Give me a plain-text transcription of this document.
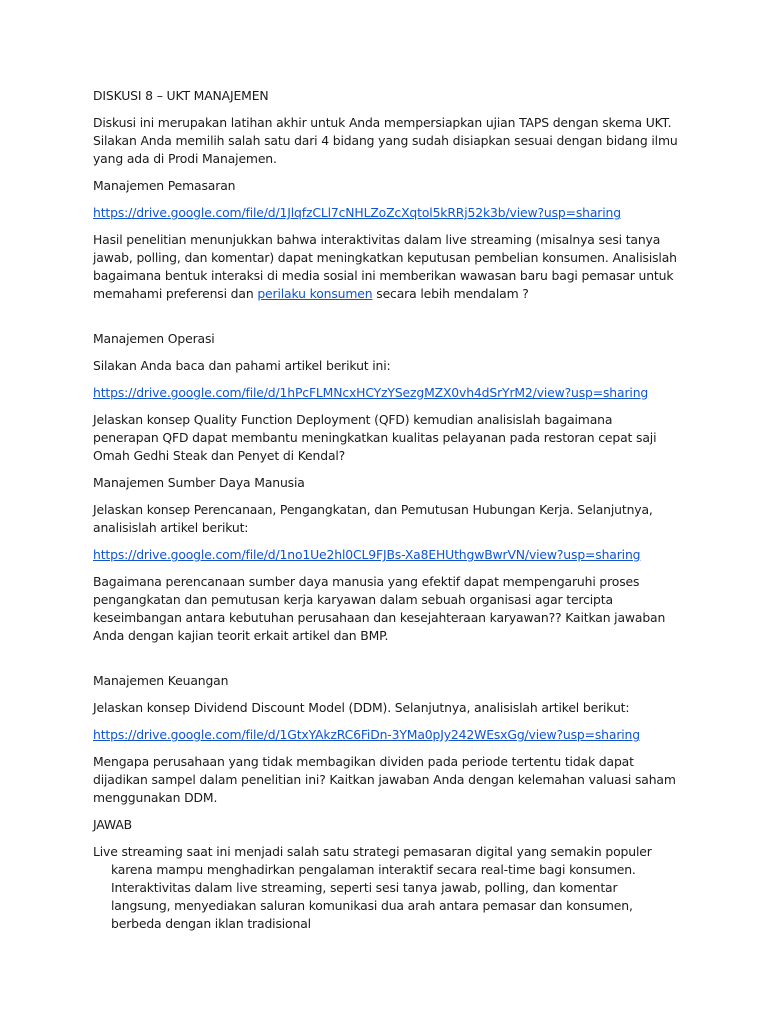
DISKUSI 8 – UKT MANAJEMEN

Diskusi ini merupakan latihan akhir untuk Anda mempersiapkan ujian TAPS dengan skema UKT. Silakan Anda memilih salah satu dari 4 bidang yang sudah disiapkan sesuai dengan bidang ilmu yang ada di Prodi Manajemen.

Manajemen Pemasaran

https://drive.google.com/file/d/1JlqfzCLl7cNHLZoZcXqtol5kRRj52k3b/view?usp=sharing

Hasil penelitian menunjukkan bahwa interaktivitas dalam live streaming (misalnya sesi tanya jawab, polling, dan komentar) dapat meningkatkan keputusan pembelian konsumen. Analisislah bagaimana bentuk interaksi di media sosial ini memberikan wawasan baru bagi pemasar untuk memahami preferensi dan perilaku konsumen secara lebih mendalam ?

Manajemen Operasi

Silakan Anda baca dan pahami artikel berikut ini:

https://drive.google.com/file/d/1hPcFLMNcxHCYzYSezgMZX0vh4dSrYrM2/view?usp=sharing

Jelaskan konsep Quality Function Deployment (QFD) kemudian analisislah bagaimana penerapan QFD dapat membantu meningkatkan kualitas pelayanan pada restoran cepat saji Omah Gedhi Steak dan Penyet di Kendal?

Manajemen Sumber Daya Manusia

Jelaskan konsep Perencanaan, Pengangkatan, dan Pemutusan Hubungan Kerja. Selanjutnya, analisislah artikel berikut:

https://drive.google.com/file/d/1no1Ue2hl0CL9FJBs-Xa8EHUthgwBwrVN/view?usp=sharing

Bagaimana perencanaan sumber daya manusia yang efektif dapat mempengaruhi proses pengangkatan dan pemutusan kerja karyawan dalam sebuah organisasi agar tercipta keseimbangan antara kebutuhan perusahaan dan kesejahteraan karyawan?? Kaitkan jawaban Anda dengan kajian teorit erkait artikel dan BMP.

Manajemen Keuangan

Jelaskan konsep Dividend Discount Model (DDM). Selanjutnya, analisislah artikel berikut:

https://drive.google.com/file/d/1GtxYAkzRC6FiDn-3YMa0pJy242WEsxGg/view?usp=sharing

Mengapa perusahaan yang tidak membagikan dividen pada periode tertentu tidak dapat dijadikan sampel dalam penelitian ini? Kaitkan jawaban Anda dengan kelemahan valuasi saham menggunakan DDM.

JAWAB

Live streaming saat ini menjadi salah satu strategi pemasaran digital yang semakin populer karena mampu menghadirkan pengalaman interaktif secara real-time bagi konsumen. Interaktivitas dalam live streaming, seperti sesi tanya jawab, polling, dan komentar langsung, menyediakan saluran komunikasi dua arah antara pemasar dan konsumen, berbeda dengan iklan tradisional
